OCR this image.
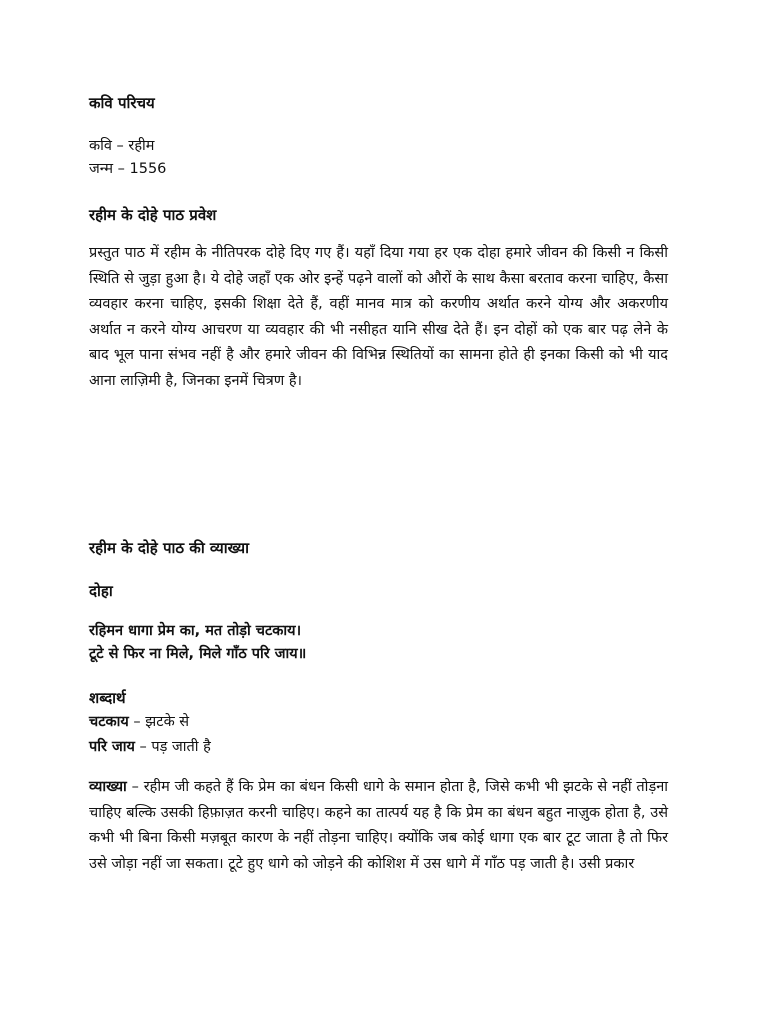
कवि परिचय
कवि – रहीम
जन्म – 1556
रहीम के दोहे पाठ प्रवेश
प्रस्तुत पाठ में रहीम के नीतिपरक दोहे दिए गए हैं। यहाँ दिया गया हर एक दोहा हमारे जीवन की किसी न किसी स्थिति से जुड़ा हुआ है। ये दोहे जहाँ एक ओर इन्हें पढ़ने वालों को औरों के साथ कैसा बरताव करना चाहिए, कैसा व्यवहार करना चाहिए, इसकी शिक्षा देते हैं, वहीं मानव मात्र को करणीय अर्थात करने योग्य और अकरणीय अर्थात न करने योग्य आचरण या व्यवहार की भी नसीहत यानि सीख देते हैं। इन दोहों को एक बार पढ़ लेने के बाद भूल पाना संभव नहीं है और हमारे जीवन की विभिन्न स्थितियों का सामना होते ही इनका किसी को भी याद आना लाज़िमी है, जिनका इनमें चित्रण है।
रहीम के दोहे पाठ की व्याख्या
दोहा
रहिमन धागा प्रेम का, मत तोड़ो चटकाय।
टूटे से फिर ना मिले, मिले गाँठ परि जाय॥
शब्दार्थ
चटकाय – झटके से
परि जाय – पड़ जाती है
व्याख्या – रहीम जी कहते हैं कि प्रेम का बंधन किसी धागे के समान होता है, जिसे कभी भी झटके से नहीं तोड़ना चाहिए बल्कि उसकी हिफ़ाज़त करनी चाहिए। कहने का तात्पर्य यह है कि प्रेम का बंधन बहुत नाज़ुक होता है, उसे कभी भी बिना किसी मज़बूत कारण के नहीं तोड़ना चाहिए। क्योंकि जब कोई धागा एक बार टूट जाता है तो फिर उसे जोड़ा नहीं जा सकता। टूटे हुए धागे को जोड़ने की कोशिश में उस धागे में गाँठ पड़ जाती है। उसी प्रकार
